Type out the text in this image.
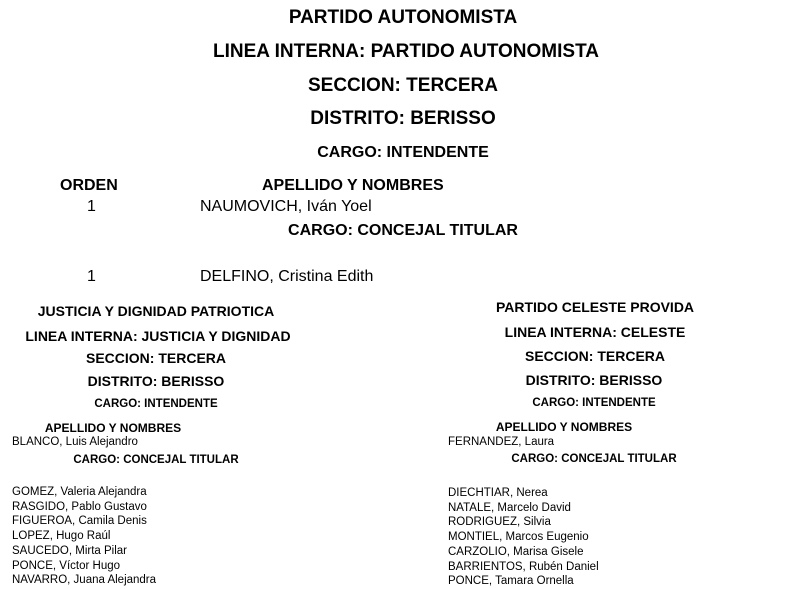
PARTIDO AUTONOMISTA
LINEA INTERNA: PARTIDO AUTONOMISTA
SECCION: TERCERA
DISTRITO: BERISSO
CARGO: INTENDENTE
ORDEN	APELLIDO Y NOMBRES
1	NAUMOVICH, Iván Yoel
CARGO: CONCEJAL TITULAR
1	DELFINO, Cristina Edith
JUSTICIA Y DIGNIDAD PATRIOTICA
LINEA INTERNA: JUSTICIA Y DIGNIDAD
SECCION: TERCERA
DISTRITO: BERISSO
CARGO: INTENDENTE
APELLIDO Y NOMBRES
BLANCO, Luis Alejandro
CARGO: CONCEJAL TITULAR
GOMEZ, Valeria Alejandra
RASGIDO, Pablo Gustavo
FIGUEROA, Camila Denis
LOPEZ, Hugo Raúl
SAUCEDO, Mirta Pilar
PONCE, Víctor Hugo
NAVARRO, Juana Alejandra
PARTIDO CELESTE PROVIDA
LINEA INTERNA: CELESTE
SECCION: TERCERA
DISTRITO: BERISSO
CARGO: INTENDENTE
APELLIDO Y NOMBRES
FERNANDEZ, Laura
CARGO: CONCEJAL TITULAR
DIECHTIAR, Nerea
NATALE, Marcelo David
RODRIGUEZ, Silvia
MONTIEL, Marcos Eugenio
CARZOLIO, Marisa Gisele
BARRIENTOS, Rubén Daniel
PONCE, Tamara Ornella
